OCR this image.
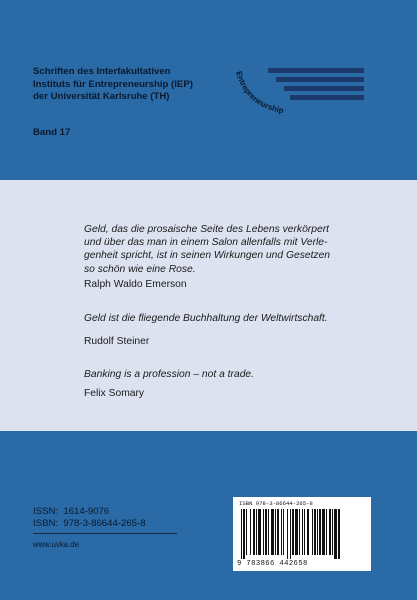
Schriften des Interfakultativen
Instituts für Entrepreneurship (IEP)
der Universität Karlsruhe (TH)
Band 17
Entrepreneurship
Geld, das die prosaische Seite des Lebens verkörpert
und über das man in einem Salon allenfalls mit Verle-
genheit spricht, ist in seinen Wirkungen und Gesetzen
so schön wie eine Rose.
Ralph Waldo Emerson
Geld ist die fliegende Buchhaltung der Weltwirtschaft.
Rudolf Steiner
Banking is a profession – not a trade.
Felix Somary
ISSN:  1614-9076
ISBN:  978-3-86644-265-8
www.uvka.de
ISBN 978-3-86644-265-8
9 783866 442658
